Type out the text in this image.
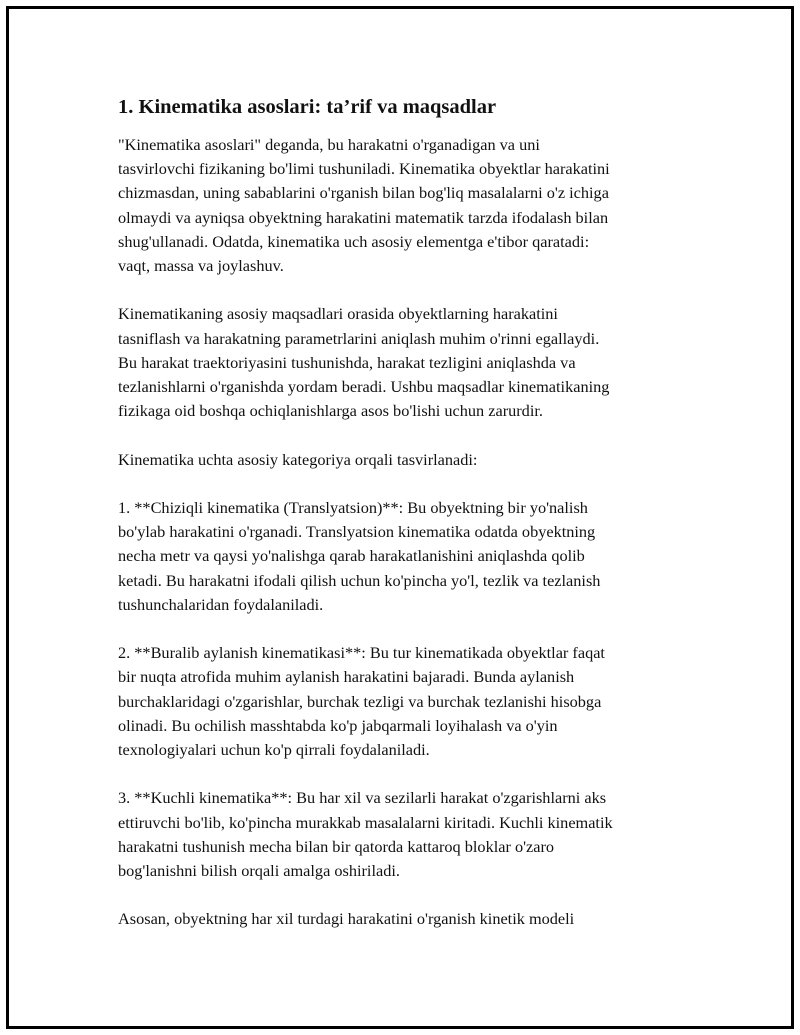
1. Kinematika asoslari: ta’rif va maqsadlar

"Kinematika asoslari" deganda, bu harakatni o'rganadigan va uni
tasvirlovchi fizikaning bo'limi tushuniladi. Kinematika obyektlar harakatini
chizmasdan, uning sabablarini o'rganish bilan bog'liq masalalarni o'z ichiga
olmaydi va ayniqsa obyektning harakatini matematik tarzda ifodalash bilan
shug'ullanadi. Odatda, kinematika uch asosiy elementga e'tibor qaratadi:
vaqt, massa va joylashuv.

Kinematikaning asosiy maqsadlari orasida obyektlarning harakatini
tasniflash va harakatning parametrlarini aniqlash muhim o'rinni egallaydi.
Bu harakat traektoriyasini tushunishda, harakat tezligini aniqlashda va
tezlanishlarni o'rganishda yordam beradi. Ushbu maqsadlar kinematikaning
fizikaga oid boshqa ochiqlanishlarga asos bo'lishi uchun zarurdir.

Kinematika uchta asosiy kategoriya orqali tasvirlanadi:

1. **Chiziqli kinematika (Translyatsion)**: Bu obyektning bir yo'nalish
bo'ylab harakatini o'rganadi. Translyatsion kinematika odatda obyektning
necha metr va qaysi yo'nalishga qarab harakatlanishini aniqlashda qolib
ketadi. Bu harakatni ifodali qilish uchun ko'pincha yo'l, tezlik va tezlanish
tushunchalaridan foydalaniladi.

2. **Buralib aylanish kinematikasi**: Bu tur kinematikada obyektlar faqat
bir nuqta atrofida muhim aylanish harakatini bajaradi. Bunda aylanish
burchaklaridagi o'zgarishlar, burchak tezligi va burchak tezlanishi hisobga
olinadi. Bu ochilish masshtabda ko'p jabqarmali loyihalash va o'yin
texnologiyalari uchun ko'p qirrali foydalaniladi.

3. **Kuchli kinematika**: Bu har xil va sezilarli harakat o'zgarishlarni aks
ettiruvchi bo'lib, ko'pincha murakkab masalalarni kiritadi. Kuchli kinematik
harakatni tushunish mecha bilan bir qatorda kattaroq bloklar o'zaro
bog'lanishni bilish orqali amalga oshiriladi.

Asosan, obyektning har xil turdagi harakatini o'rganish kinetik modeli
